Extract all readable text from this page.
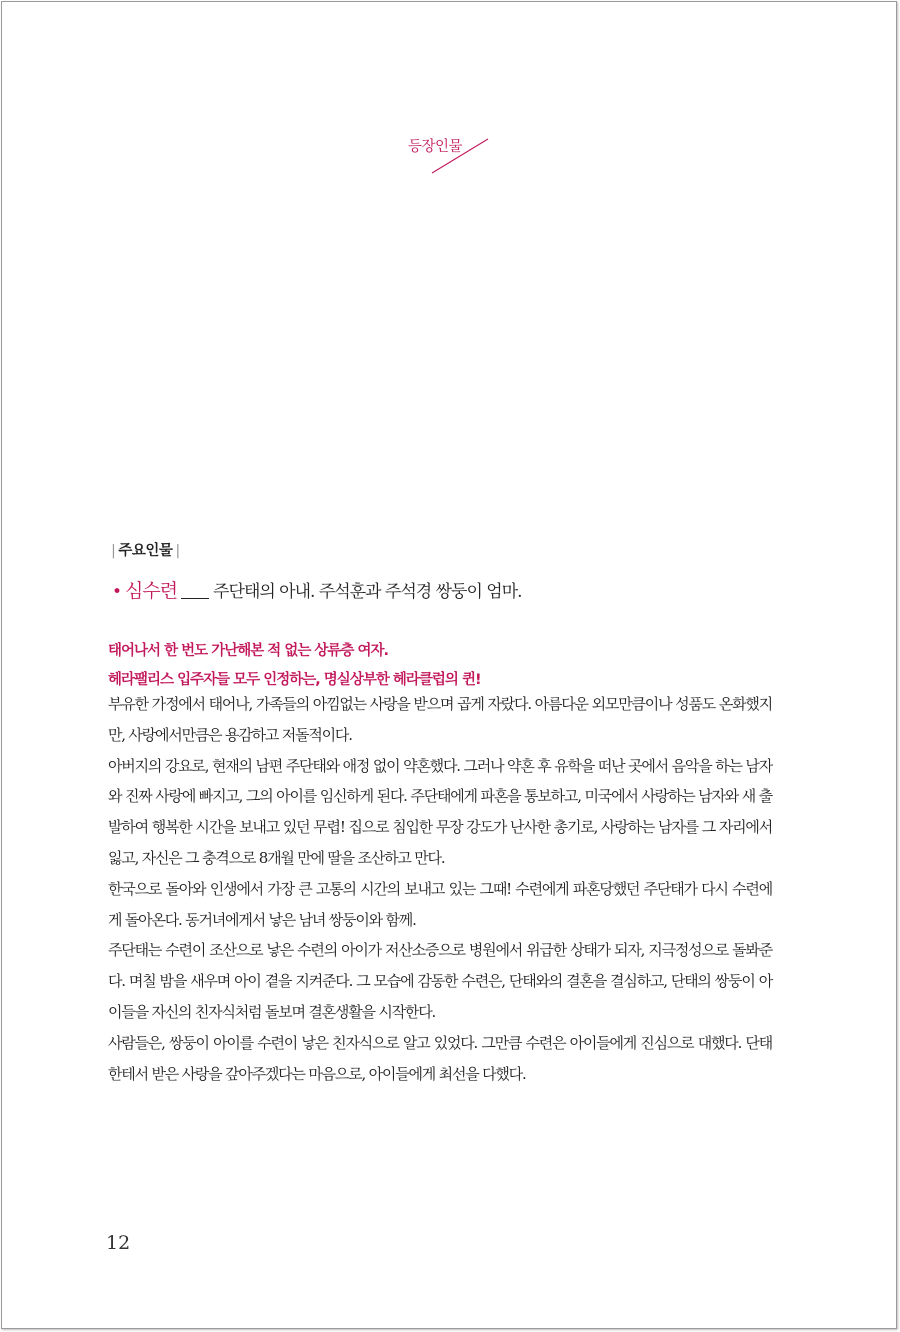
등장인물
| 주요인물 |
• 심수련 주단태의 아내. 주석훈과 주석경 쌍둥이 엄마.
태어나서 한 번도 가난해본 적 없는 상류층 여자.
헤라팰리스 입주자들 모두 인정하는, 명실상부한 헤라클럽의 퀸!

부유한 가정에서 태어나, 가족들의 아낌없는 사랑을 받으며 곱게 자랐다. 아름다운 외모만큼이나 성품도 온화했지만, 사랑에서만큼은 용감하고 저돌적이다.

아버지의 강요로, 현재의 남편 주단태와 애정 없이 약혼했다. 그러나 약혼 후 유학을 떠난 곳에서 음악을 하는 남자와 진짜 사랑에 빠지고, 그의 아이를 임신하게 된다. 주단태에게 파혼을 통보하고, 미국에서 사랑하는 남자와 새 출발하여 행복한 시간을 보내고 있던 무렵! 집으로 침입한 무장 강도가 난사한 총기로, 사랑하는 남자를 그 자리에서 잃고, 자신은 그 충격으로 8개월 만에 딸을 조산하고 만다.

한국으로 돌아와 인생에서 가장 큰 고통의 시간의 보내고 있는 그때! 수련에게 파혼당했던 주단태가 다시 수련에게 돌아온다. 동거녀에게서 낳은 남녀 쌍둥이와 함께.

주단태는 수련이 조산으로 낳은 수련의 아이가 저산소증으로 병원에서 위급한 상태가 되자, 지극정성으로 돌봐준다. 며칠 밤을 새우며 아이 곁을 지켜준다. 그 모습에 감동한 수련은, 단태와의 결혼을 결심하고, 단태의 쌍둥이 아이들을 자신의 친자식처럼 돌보며 결혼생활을 시작한다.

사람들은, 쌍둥이 아이를 수련이 낳은 친자식으로 알고 있었다. 그만큼 수련은 아이들에게 진심으로 대했다. 단태한테서 받은 사랑을 갚아주겠다는 마음으로, 아이들에게 최선을 다했다.

12
